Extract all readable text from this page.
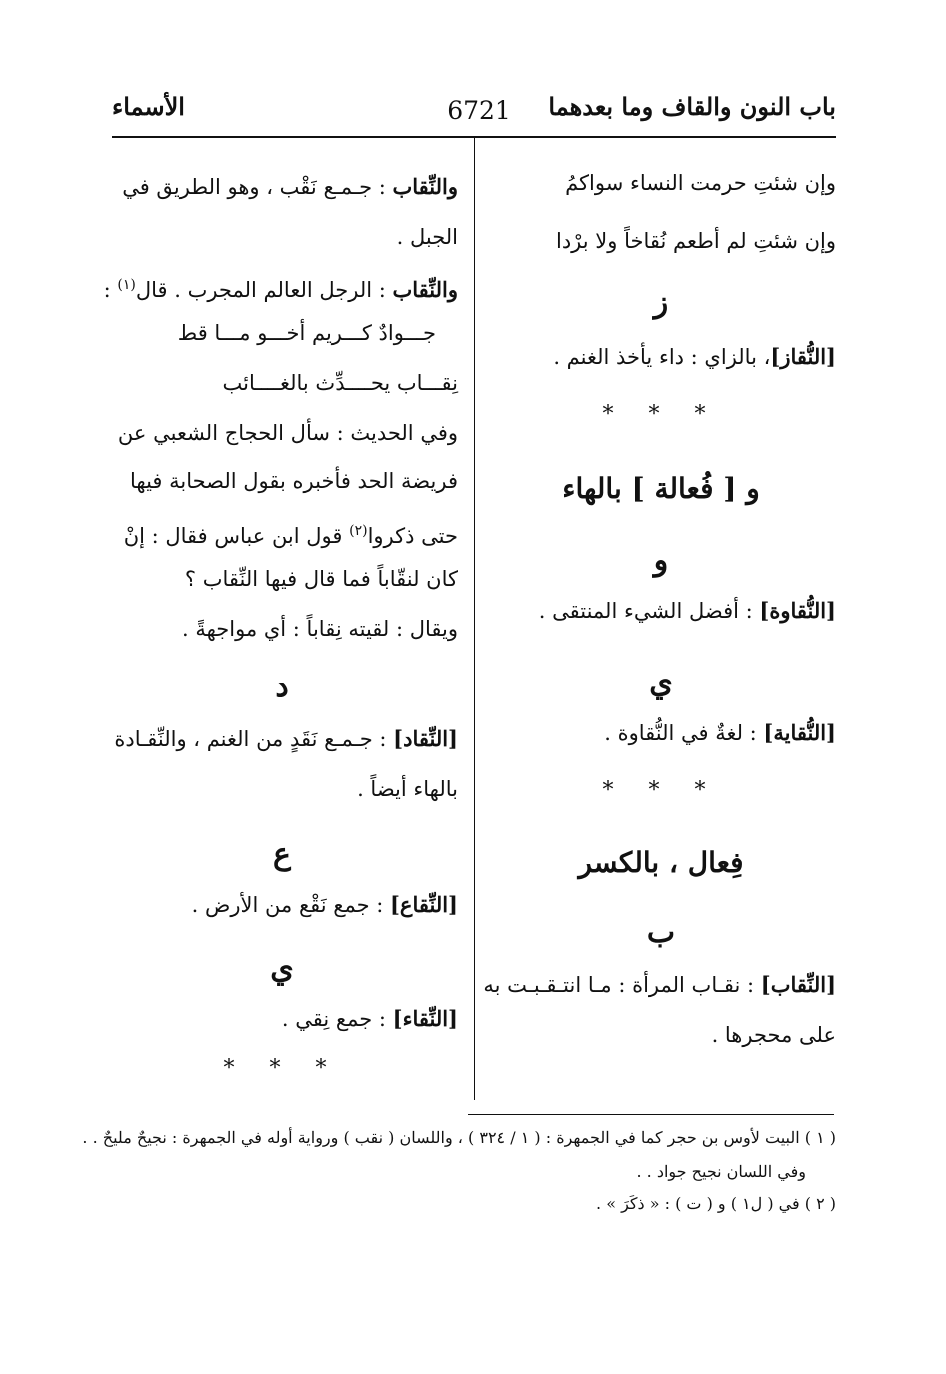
باب النون والقاف وما بعدهما
6721
الأسماء
وإن شئتِ حرمت النساء سواكمُ
وإن شئتِ لم أطعم نُقاخاً ولا برْدا
ز
[النُّقاز]، بالزاي : داء يأخذ الغنم .
* * *
و [ فُعالة ] بالهاء
و
[النُّقاوة] : أفضل الشيء المنتقى .
ي
[النُّقاية] : لغةٌ في النُّقاوة .
* * *
فِعال ، بالكسر
ب
[النِّقاب] : نقـاب المرأة : مـا انتـقـبـت به
على محجرها .
والنِّقاب : جـمـع نَقْب ، وهو الطريق في
الجبل .
والنِّقاب : الرجل العالم المجرب . قال$^{(١)}$ :
جـــوادٌ كـــريم أخـــو مـــا قط
نِقـــاب يحــــدِّث بالغــــائب
وفي الحديث : سأل الحجاج الشعبي عن
فريضة الحد فأخبره بقول الصحابة فيها
حتى ذكروا$^{(٢)}$ قول ابن عباس فقال : إنْ
كان لنقّاباً فما قال فيها النِّقاب ؟
ويقال : لقيته نِقاباً : أي مواجهةً .
د
[النِّقاد] : جـمـع نَقَدٍ من الغنم ، والنِّقـادة
بالهاء أيضاً .
ع
[النِّقاع] : جمع نَقْع من الأرض .
ي
[النِّقاء] : جمع نِقي .
* * *
( ١ ) البيت لأوس بن حجر كما في الجمهرة : ( ١ / ٣٢٤ ) ، واللسان ( نقب ) ورواية أوله في الجمهرة : نجيحٌ مليحٌ . .
وفي اللسان نجيح جواد . .
( ٢ ) في ( ل١ ) و ( ت ) : « ذكَرَ » .
